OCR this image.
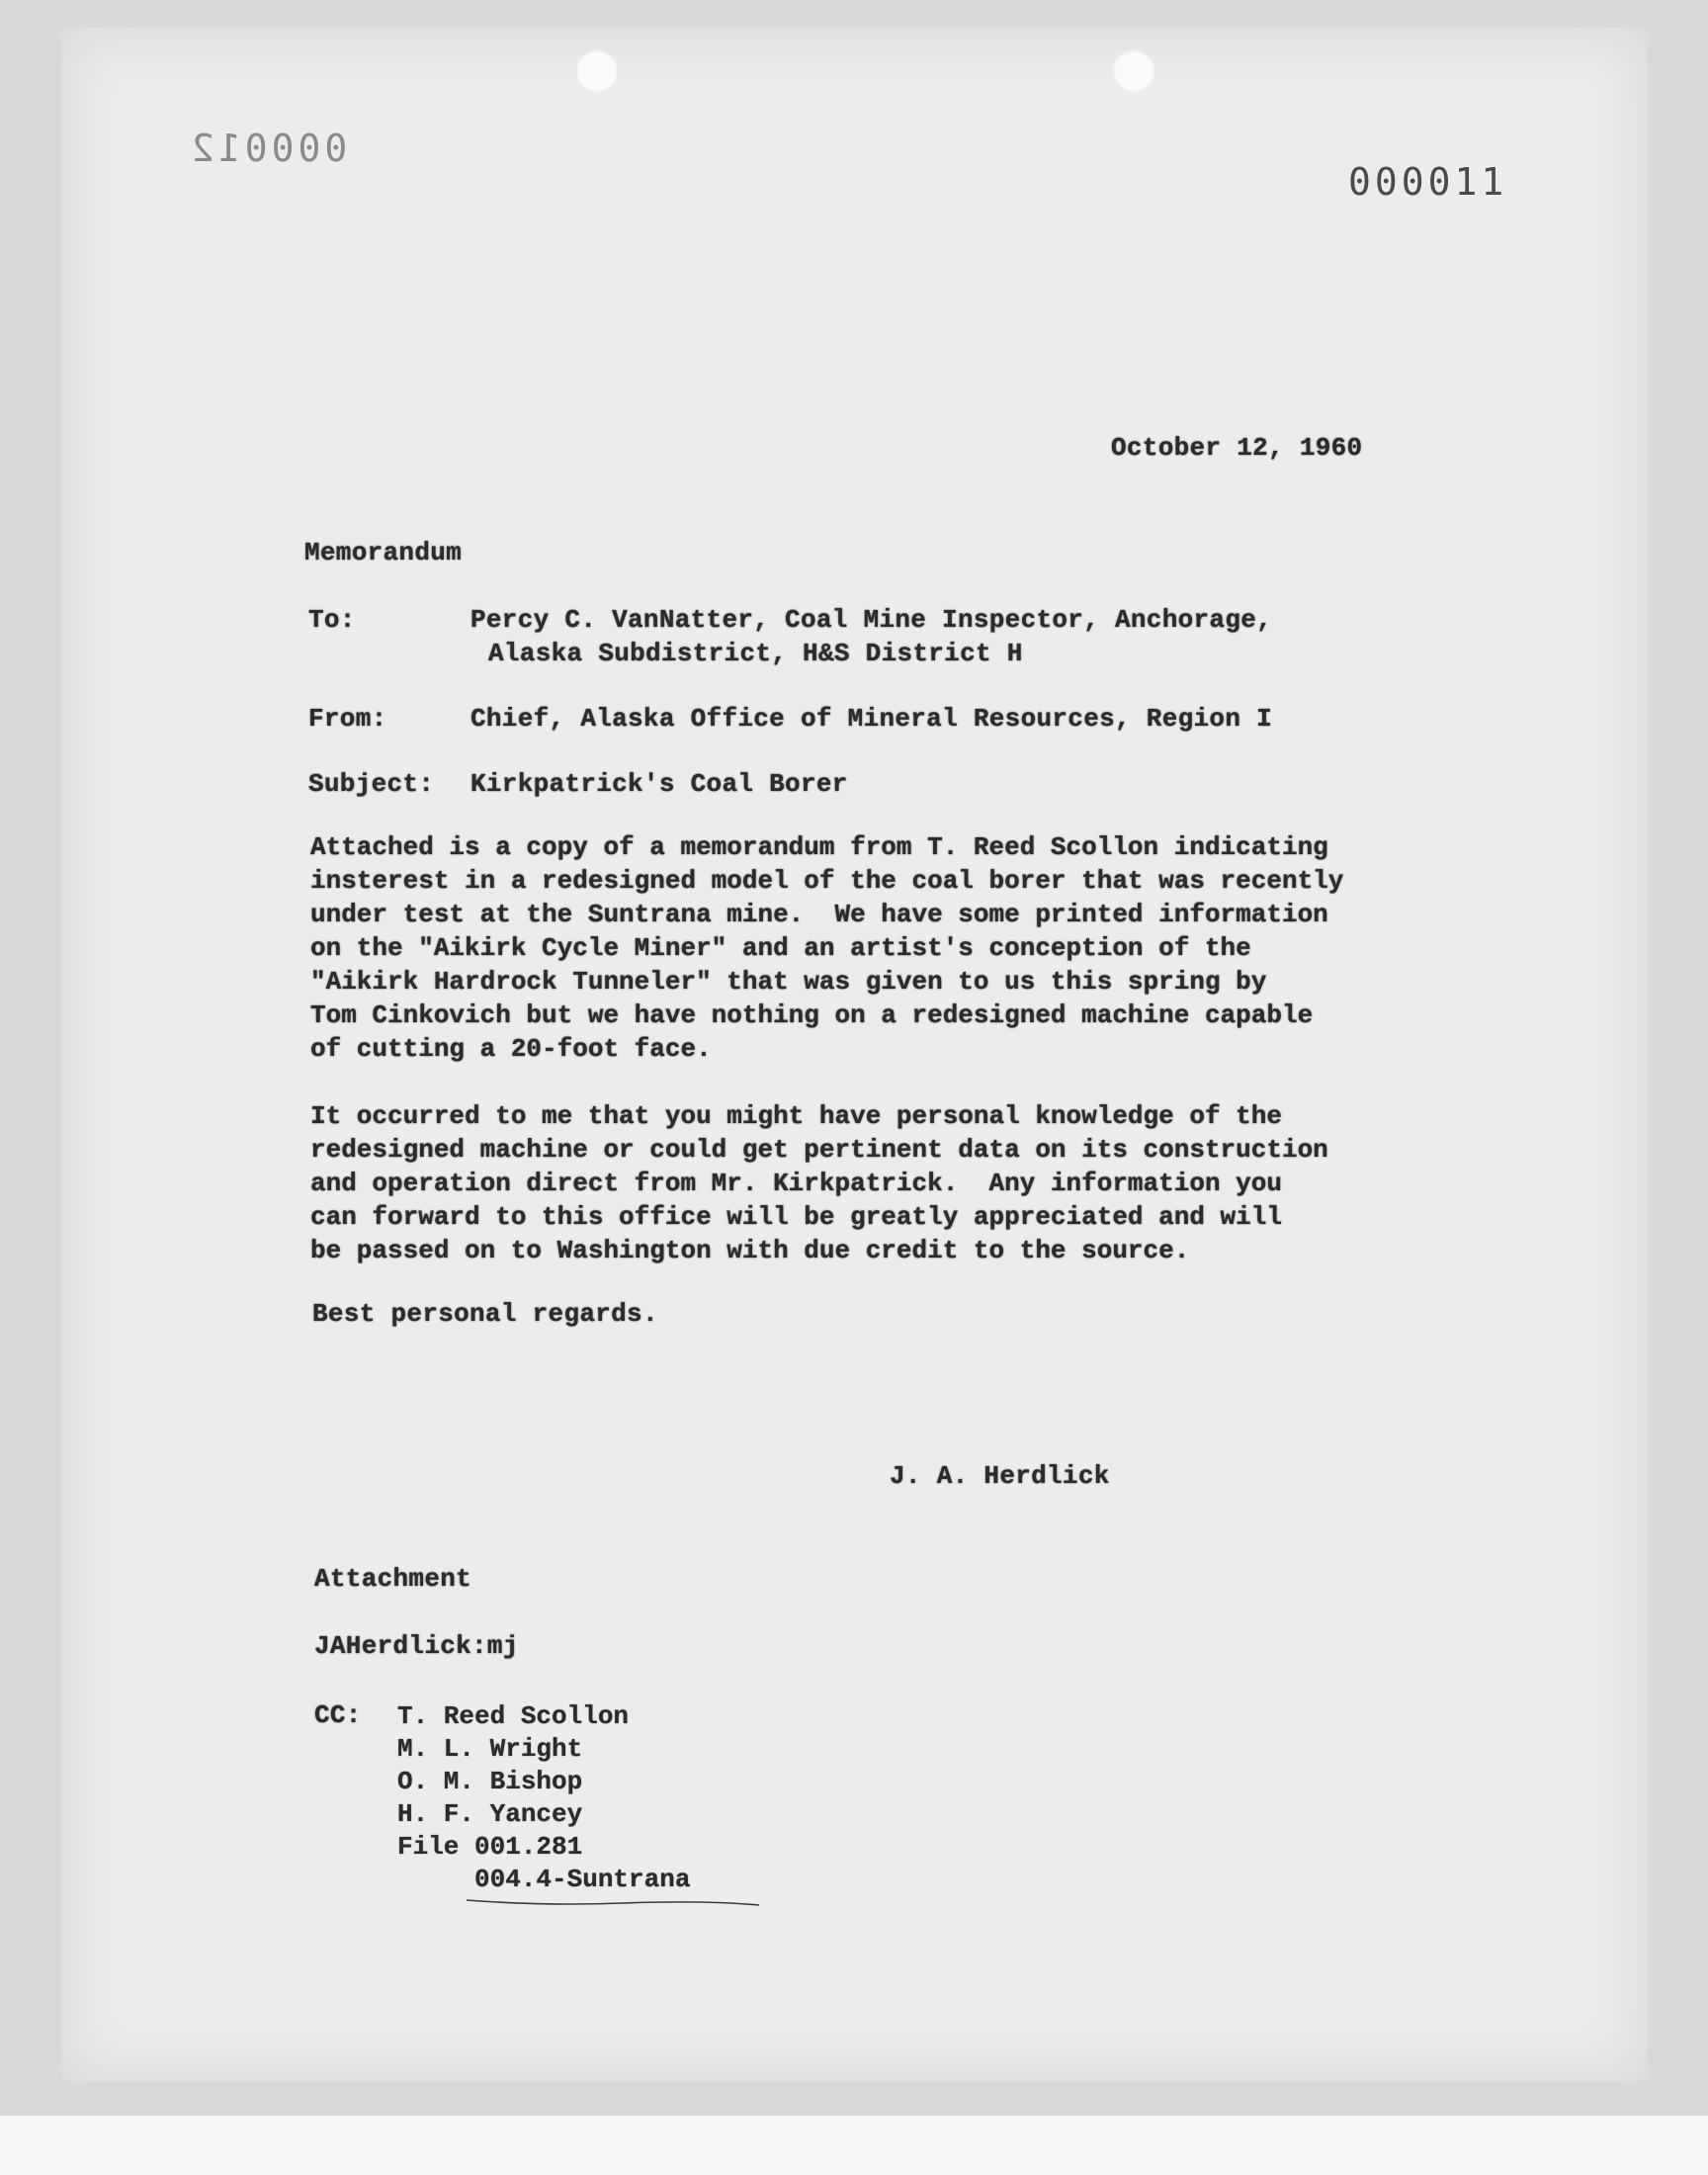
000012
000011
October 12, 1960
Memorandum
To:	Percy C. VanNatter, Coal Mine Inspector, Anchorage,
Alaska Subdistrict, H&S District H
From:	Chief, Alaska Office of Mineral Resources, Region I
Subject: Kirkpatrick's Coal Borer
Attached is a copy of a memorandum from T. Reed Scollon indicating
insterest in a redesigned model of the coal borer that was recently
under test at the Suntrana mine.  We have some printed information
on the "Aikirk Cycle Miner" and an artist's conception of the
"Aikirk Hardrock Tunneler" that was given to us this spring by
Tom Cinkovich but we have nothing on a redesigned machine capable
of cutting a 20-foot face.
It occurred to me that you might have personal knowledge of the
redesigned machine or could get pertinent data on its construction
and operation direct from Mr. Kirkpatrick.  Any information you
can forward to this office will be greatly appreciated and will
be passed on to Washington with due credit to the source.
Best personal regards.
J. A. Herdlick
Attachment
JAHerdlick:mj
CC: T. Reed Scollon
M. L. Wright
O. M. Bishop
H. F. Yancey
File 001.281
004.4-Suntrana
